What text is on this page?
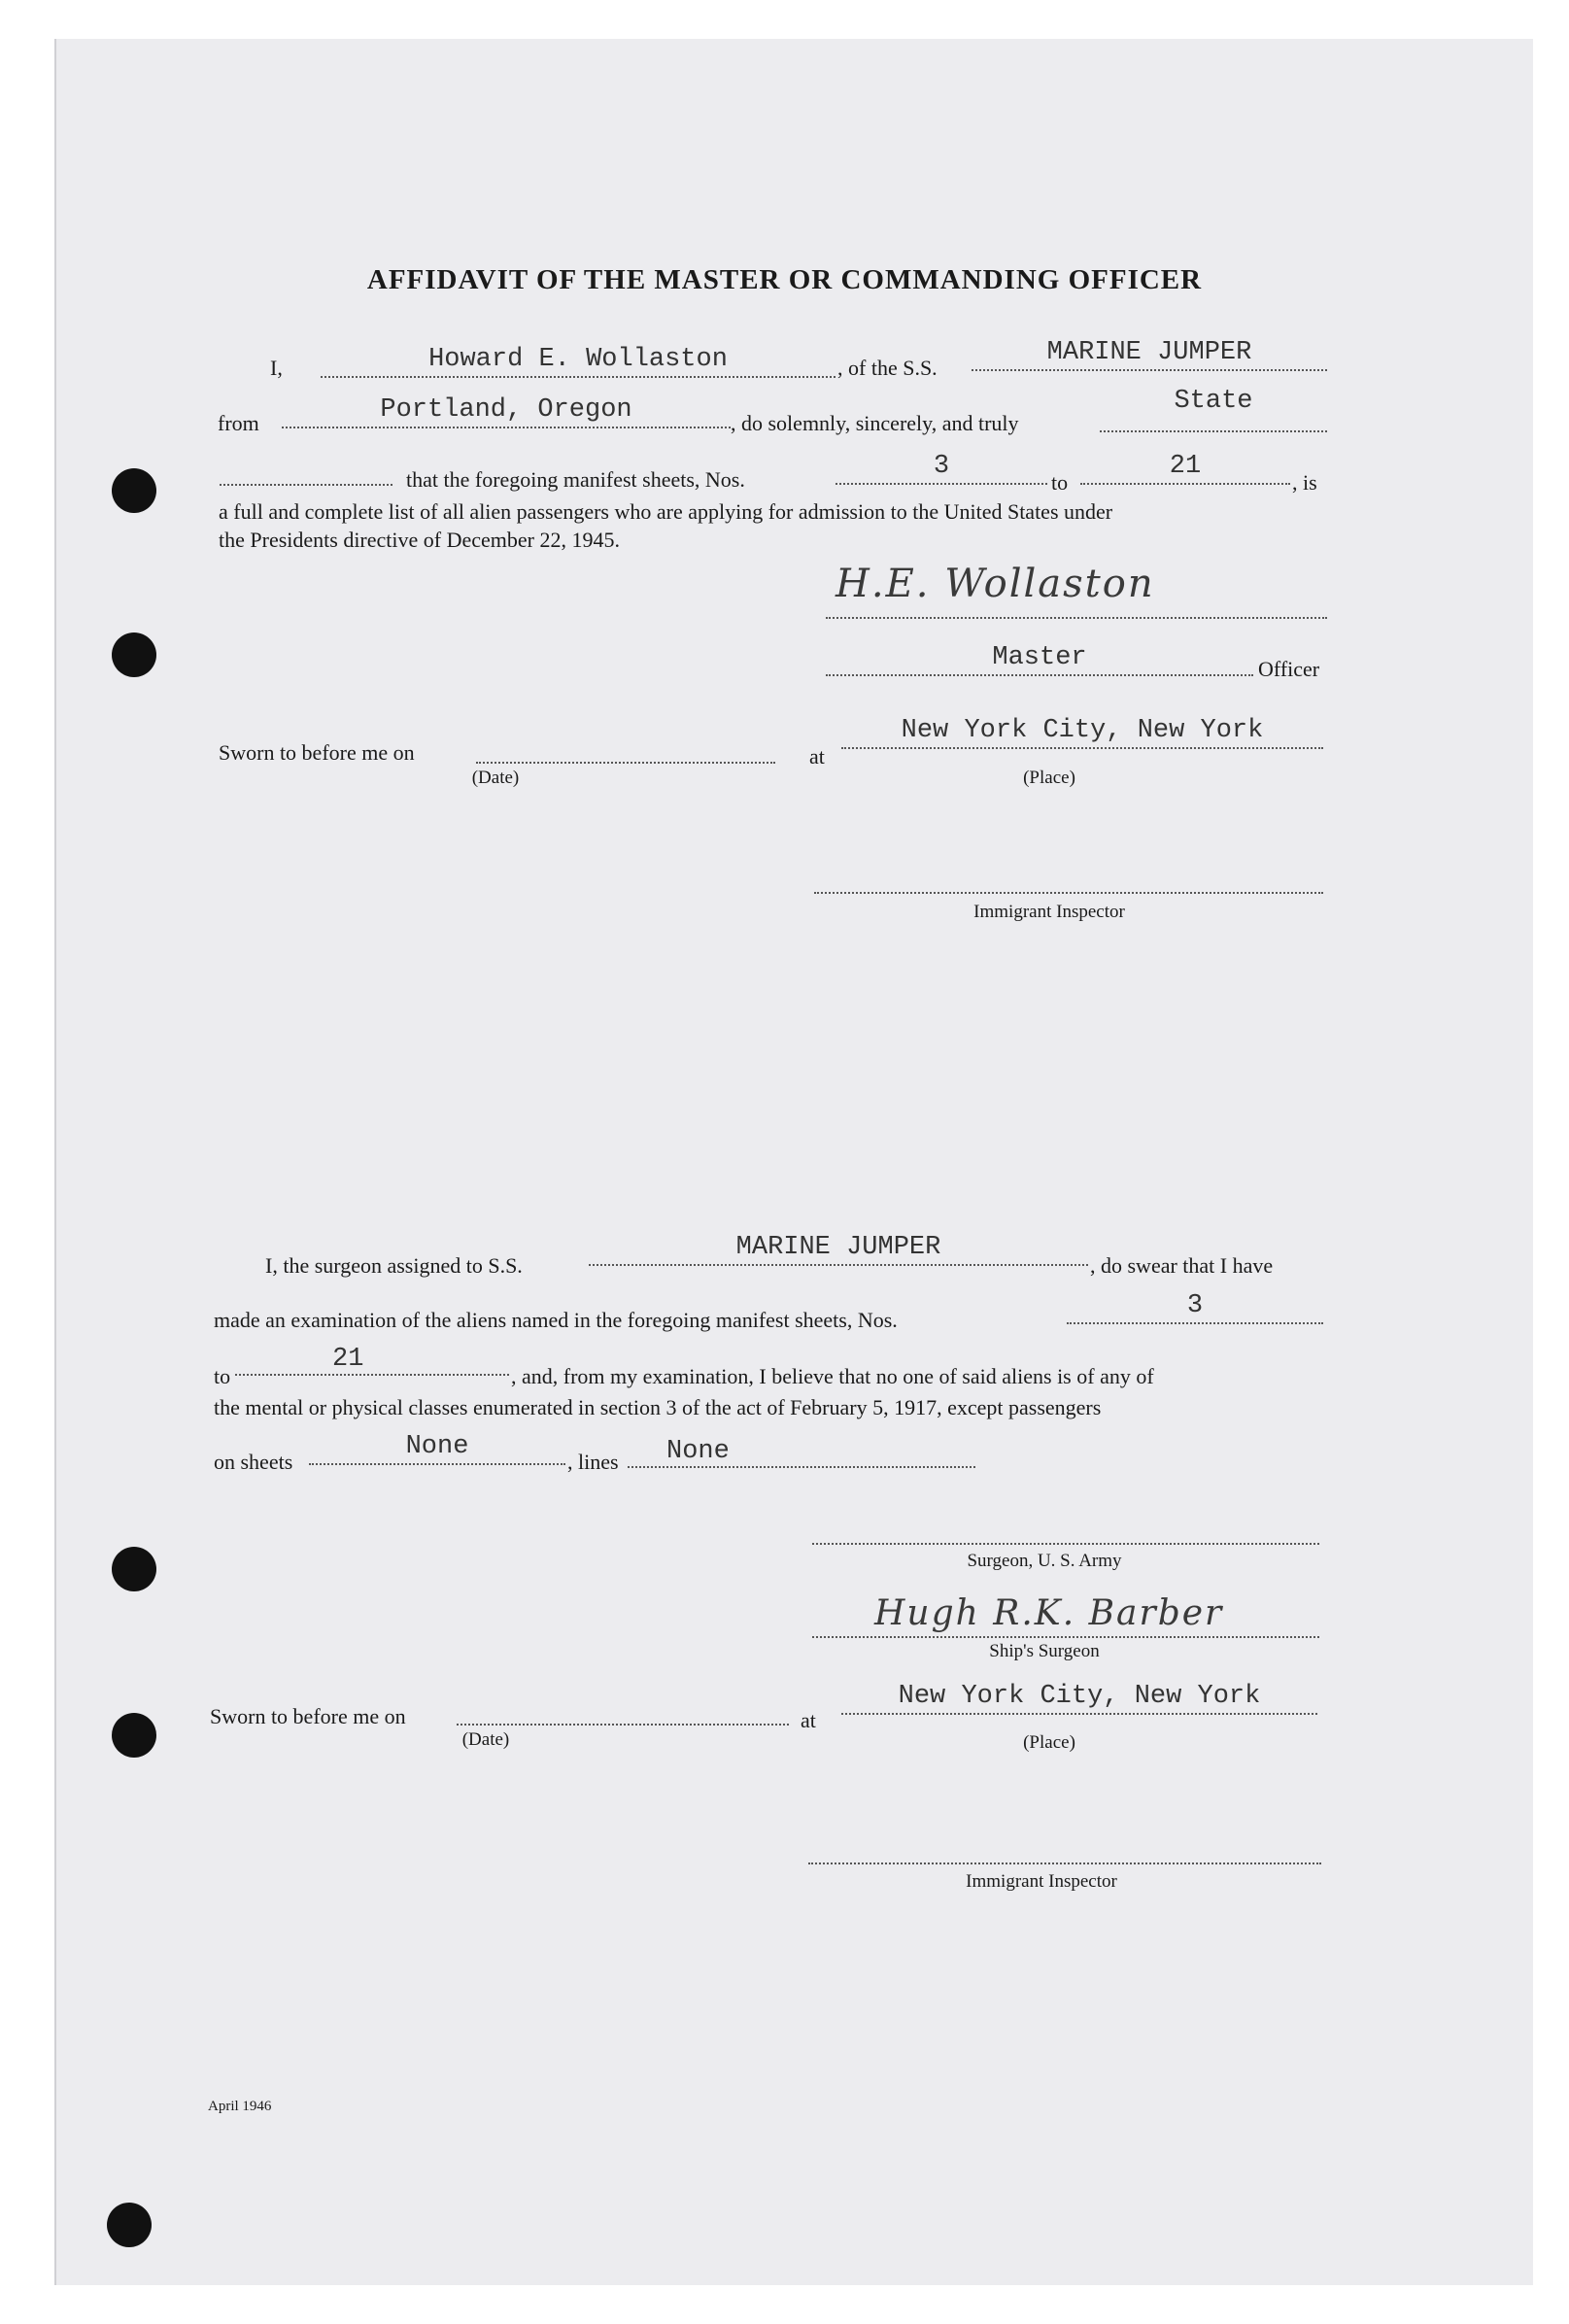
AFFIDAVIT OF THE MASTER OR COMMANDING OFFICER
I,	Howard E. Wollaston	, of the S.S.
MARINE JUMPER
from	Portland, Oregon	, do solemnly, sincerely, and truly
State
that the foregoing manifest sheets, Nos.	3
to
21
, is
a full and complete list of all alien passengers who are applying for admission to the United States under
the Presidents directive of December 22, 1945.
H.E. Wollaston
Master	Officer
Sworn to before me on
(Date)
at
New York City, New York
(Place)
Immigrant Inspector
I, the surgeon assigned to S.S.
MARINE JUMPER
, do swear that I have
made an examination of the aliens named in the foregoing manifest sheets, Nos.	3
to
21
, and, from my examination, I believe that no one of said aliens is of any of
the mental or physical classes enumerated in section 3 of the act of February 5, 1917, except passengers
on sheets
None
, lines	None
Surgeon, U. S. Army
Hugh R.K. Barber
Ship's Surgeon
Sworn to before me on
(Date)
at
New York City, New York
(Place)
Immigrant Inspector
April 1946
